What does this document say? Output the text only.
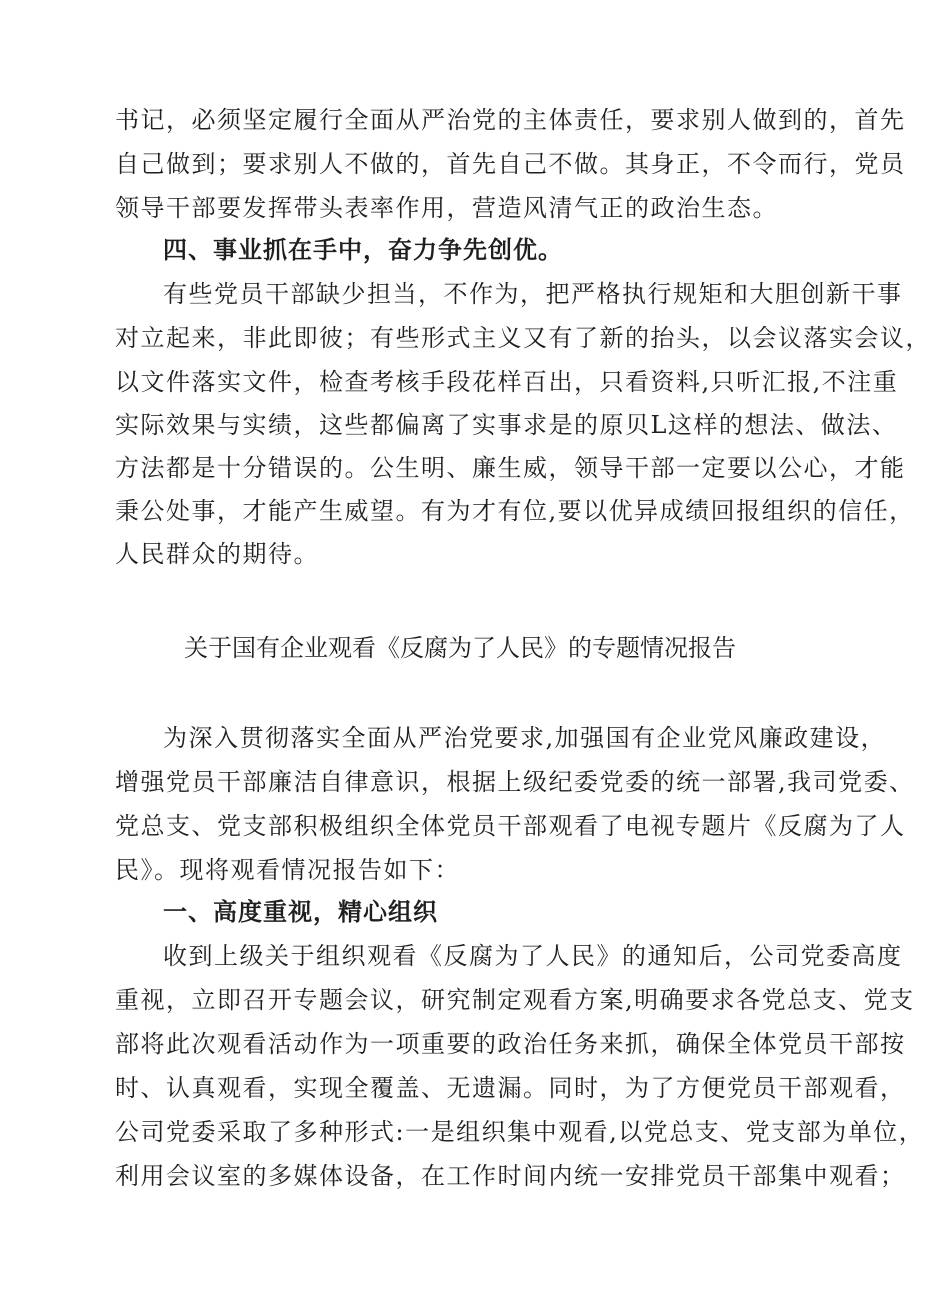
书记，必须坚定履行全面从严治党的主体责任，要求别人做到的，首先
自己做到；要求别人不做的，首先自己不做。其身正，不令而行，党员
领导干部要发挥带头表率作用，营造风清气正的政治生态。
四、事业抓在手中，奋力争先创优。
有些党员干部缺少担当，不作为，把严格执行规矩和大胆创新干事
对立起来，非此即彼；有些形式主义又有了新的抬头，以会议落实会议，
以文件落实文件，检查考核手段花样百出，只看资料,只听汇报,不注重
实际效果与实绩，这些都偏离了实事求是的原贝L这样的想法、做法、
方法都是十分错误的。公生明、廉生威，领导干部一定要以公心，才能
秉公处事，才能产生威望。有为才有位,要以优异成绩回报组织的信任，
人民群众的期待。
关于国有企业观看《反腐为了人民》的专题情况报告
为深入贯彻落实全面从严治党要求,加强国有企业党风廉政建设，
增强党员干部廉洁自律意识，根据上级纪委党委的统一部署,我司党委、
党总支、党支部积极组织全体党员干部观看了电视专题片《反腐为了人
民》。现将观看情况报告如下：
一、高度重视，精心组织
收到上级关于组织观看《反腐为了人民》的通知后，公司党委高度
重视，立即召开专题会议，研究制定观看方案,明确要求各党总支、党支
部将此次观看活动作为一项重要的政治任务来抓，确保全体党员干部按
时、认真观看，实现全覆盖、无遗漏。同时，为了方便党员干部观看，
公司党委采取了多种形式:一是组织集中观看,以党总支、党支部为单位，
利用会议室的多媒体设备，在工作时间内统一安排党员干部集中观看；
